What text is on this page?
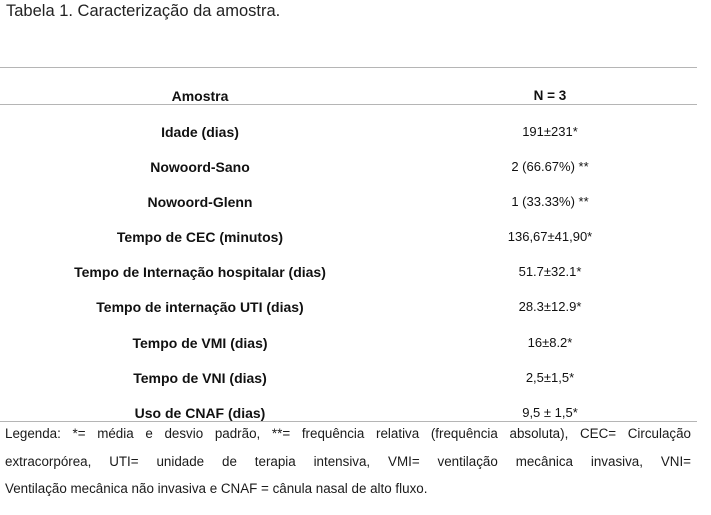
Tabela 1. Caracterização da amostra.
Amostra	N = 3
Idade (dias)	191±231*
Nowoord-Sano	2 (66.67%) **
Nowoord-Glenn	1 (33.33%) **
Tempo de CEC (minutos)	136,67±41,90*
Tempo de Internação hospitalar (dias)	51.7±32.1*
Tempo de internação UTI (dias)	28.3±12.9*
Tempo de VMI (dias)	16±8.2*
Tempo de VNI (dias)	2,5±1,5*
Uso de CNAF (dias)	9,5 ± 1,5*
Legenda: *= média e desvio padrão, **= frequência relativa (frequência absoluta), CEC= Circulação
extracorpórea, UTI= unidade de terapia intensiva, VMI= ventilação mecânica invasiva, VNI=
Ventilação mecânica não invasiva e CNAF = cânula nasal de alto fluxo.
